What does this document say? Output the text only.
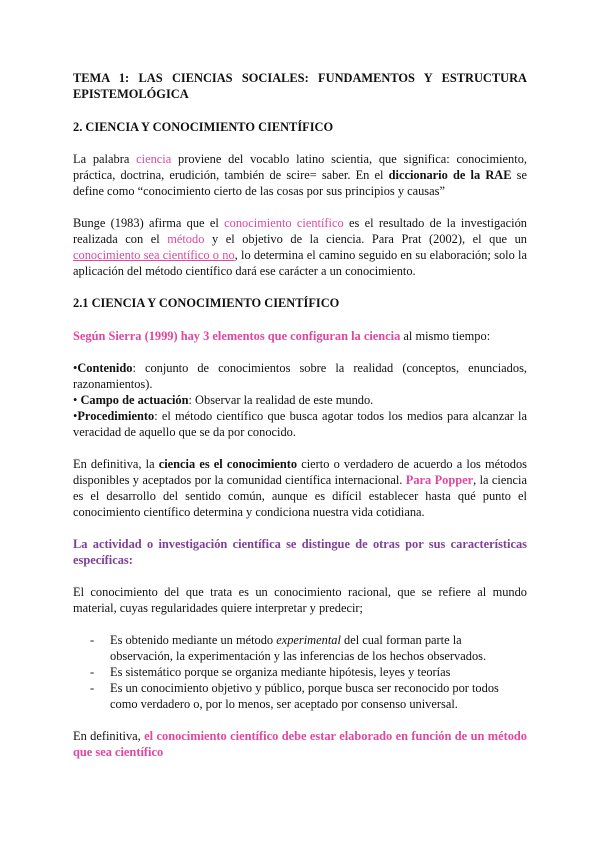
TEMA 1: LAS CIENCIAS SOCIALES: FUNDAMENTOS Y ESTRUCTURA
EPISTEMOLÓGICA
2. CIENCIA Y CONOCIMIENTO CIENTÍFICO

La palabra ciencia proviene del vocablo latino scientia, que significa: conocimiento, práctica, doctrina, erudición, también de scire= saber. En el diccionario de la RAE se define como “conocimiento cierto de las cosas por sus principios y causas”

Bunge (1983) afirma que el conocimiento científico es el resultado de la investigación realizada con el método y el objetivo de la ciencia. Para Prat (2002), el que un conocimiento sea científico o no, lo determina el camino seguido en su elaboración; solo la aplicación del método científico dará ese carácter a un conocimiento.

2.1 CIENCIA Y CONOCIMIENTO CIENTÍFICO

Según Sierra (1999) hay 3 elementos que configuran la ciencia al mismo tiempo:

•Contenido: conjunto de conocimientos sobre la realidad (conceptos, enunciados, razonamientos).

• Campo de actuación: Observar la realidad de este mundo.

•Procedimiento: el método científico que busca agotar todos los medios para alcanzar la veracidad de aquello que se da por conocido.

En definitiva, la ciencia es el conocimiento cierto o verdadero de acuerdo a los métodos disponibles y aceptados por la comunidad científica internacional. Para Popper, la ciencia es el desarrollo del sentido común, aunque es difícil establecer hasta qué punto el conocimiento científico determina y condiciona nuestra vida cotidiana.

La actividad o investigación científica se distingue de otras por sus características específicas:

El conocimiento del que trata es un conocimiento racional, que se refiere al mundo material, cuyas regularidades quiere interpretar y predecir;

- Es obtenido mediante un método experimental del cual forman parte la observación, la experimentación y las inferencias de los hechos observados.
- Es sistemático porque se organiza mediante hipótesis, leyes y teorías
- Es un conocimiento objetivo y público, porque busca ser reconocido por todos como verdadero o, por lo menos, ser aceptado por consenso universal.

En definitiva, el conocimiento científico debe estar elaborado en función de un método que sea científico
